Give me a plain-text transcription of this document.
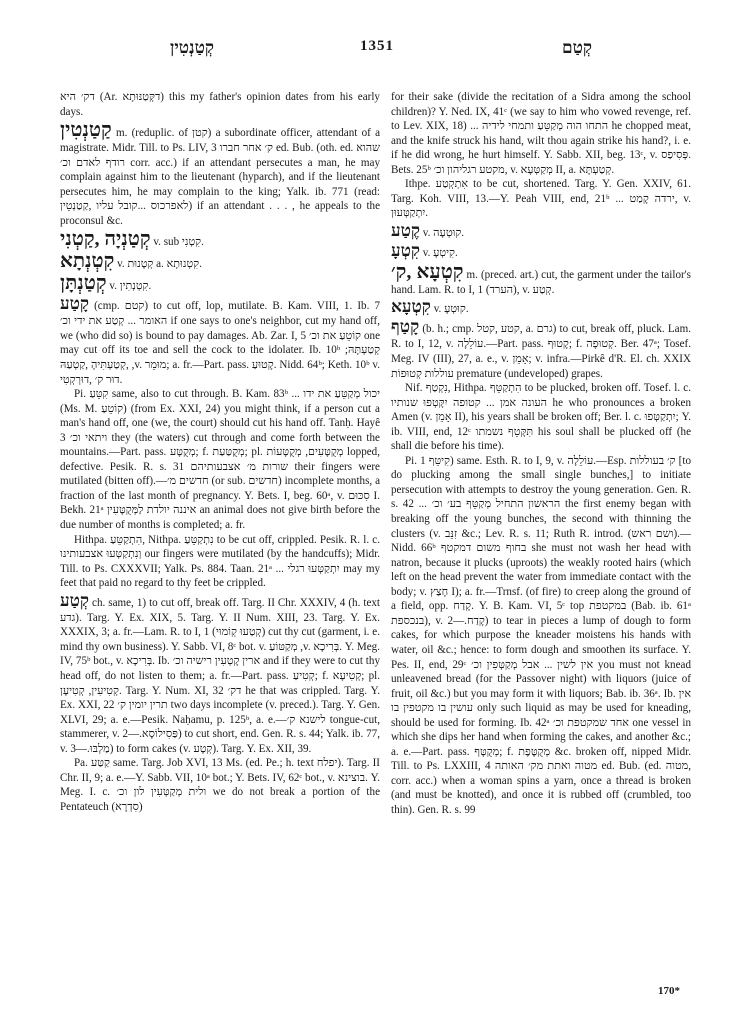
קְטַנְטִין	1351	קְטַם

דק׳ היא (Ar. דקְּטַנּוּתָא) this my father's opinion dates from his early days.

קַטַנְטִין m. (reduplic. of קטן) a subordinate officer, attendant of a magistrate. Midr. Till. to Ps. LIV, 3 ק׳ אחר חברו ed. Bub. (oth. ed. שהוא רודף לאדם וכ׳ corr. acc.) if an attendant persecutes a man, he may complain against him to the lieutenant (hyparch), and if the lieutenant persecutes him, he may complain to the king; Yalk. ib. 771 (read: לאפרכוס ...קובל עליו ,קַטַנְטֵין) if an attendant . . . , he appeals to the proconsul &c.

קְטַנְיָה ,קַטְנִי v. sub קִטְנִי.

קִטְנְתָא v. קְטָנוּת a. קִטְנוּתָא.

קְטַנְתָּן v. קִטְנְתִין.

קָטַע (cmp. קטם) to cut off, lop, mutilate. B. Kam. VIII, 1. Ib. 7 האומר ... קְטַע את ידי וכ׳ if one says to one's neighbor, cut my hand off, we (who did so) is bound to pay damages. Ab. Zar. I, 5 קוֹטֵעַ את וכ׳ one may cut off its toe and sell the cock to the idolater. Ib. 10ᵇ ;קְטַעְתָּהּ ,קְטַעְתִּיהָ ,קַטְעַהּ ,v. מוּמֵר; a. fr.—Part. pass. קָטוּעַ. Nidd. 64ᵇ; Keth. 10ᵇ v. דוּר ק׳ ,דוּרְקְטִי.

Pi. קִטֵּעַ same, also to cut through. B. Kam. 83ᵇ ... יכול מְקַטֵּעַ את ידו (Ms. M. קוֹטֵעַ) (from Ex. XXI, 24) you might think, if a person cut a man's hand off, one (we, the court) should cut his hand off. Tanḥ. Hayê 3 ויתאי וכ׳ they (the waters) cut through and come forth between the mountains.—Part. pass. מְקֻטָּע; f. מְקֻטַּעַת; pl. מְקֻטָּעִים, מְקֻטָּעוֹת lopped, defective. Pesik. R. s. 31 שורות מ׳ אצבעותיהם their fingers were mutilated (bitten off).—חדשים מ׳ (or sub. חדשים) incomplete months, a fraction of the last month of pregnancy. Y. Bets. I, beg. 60ᵃ, v. סִכּוּם I. Bekh. 21ᵃ איננה יולדת לַמְּקֻטָּעִין an animal does not give birth before the due number of months is completed; a. fr.

Hithpa. הִתְקַטֵּעַ, Nithpa. נִתְקַטֵּעַ to be cut off, crippled. Pesik. R. l. c. וְנִתְקַטְּעוּ אצבעותינו our fingers were mutilated (by the handcuffs); Midr. Till. to Ps. CXXXVII; Yalk. Ps. 884. Taan. 21ᵃ ... יִתְקַטְּעוּ רגלי may my feet that paid no regard to thy feet be crippled.

קְטַע ch. same, 1) to cut off, break off. Targ. II Chr. XXXIV, 4 (h. text גדע). Targ. Y. Ex. XIX, 5. Targ. Y. II Num. XIII, 23. Targ. Y. Ex. XXXIX, 3; a. fr.—Lam. R. to I, 1 (קְטַעוּ קְוֹמוּי) cut thy cut (garment, i. e. mind thy own business). Y. Sabb. VI, 8ᶜ bot. v. מְקַטּוֹעַ ,v. בְּרִיכָא. Y. Meg. IV, 75ᵇ bot., v. בְּרִיכָא. Ib. ארין קָטְעִין רישיה וכ׳ and if they were to cut thy head off, do not listen to them; a. fr.—Part. pass. קְטִיעַ; f. קְטִיעָא; pl. קְטִיעִין, קְטִיעָן. Targ. Y. Num. XI, 32 דק׳ he that was crippled. Targ. Y. Ex. XXI, 22 תרין יומין ק׳ two days incomplete (v. preced.). Targ. Y. Gen. XLVI, 29; a. e.—Pesik. Naḥamu, p. 125ᵇ, a. e.—לישנא ק׳ tongue-cut, stammerer, v. פַּסִילוֹסָא.—2) to cut short, end. Gen. R. s. 44; Yalk. ib. 77, v. מַלְבּוּ.—3) to form cakes (v. קְטָע). Targ. Y. Ex. XII, 39.

Pa. קַטַּע same. Targ. Job XVI, 13 Ms. (ed. Pe.; h. text יפלח). Targ. II Chr. II, 9; a. e.—Y. Sabb. VII, 10ᵃ bot.; Y. Bets. IV, 62ᶜ bot., v. בוצינא. Y. Meg. I. c. ולית מְקַטְּעִין לון וכ׳ we do not break a portion of the Pentateuch (סִדְרָא)

for their sake (divide the recitation of a Sidra among the school children)? Y. Ned. IX, 41ᶜ (we say to him who vowed revenge, ref. to Lev. XIX, 18) ... התחו הוה מְקַטֵּעַ ותמחי לידיה he chopped meat, and the knife struck his hand, wilt thou again strike his hand?, i. e. if he did wrong, he hurt himself. Y. Sabb. XII, beg. 13ᶜ, v. פְּסִיפַס. Bets. 25ᵇ מקטע רגליהון וכ׳, v. מְקַטְּעָא II, a. קְטַעְתָּא.

Ithpe. אִתְקְטַע to be cut, shortened. Targ. Y. Gen. XXIV, 61. Targ. Koh. VIII, 13.—Y. Peah VIII, end, 21ᵇ ... ירדה קָמַט, v. יִתְקַטְּעוּן.

קֶטַע v. קוּטְעָה.

קִטְעָ v. קִיטְעָ.

קִטְעָא ,ק׳ m. (preced. art.) cut, the garment under the tailor's hand. Lam. R. to I, 1 (הערד), v. קְטַע.

קִטְעָא v. קוּטְעָ.

קָטַף (b. h.; cmp. קטע ,קטל, a. גרם) to cut, break off, pluck. Lam. R. to I, 12, v. עוֹלֵלָה.—Part. pass. קָטוּף; f. קְטוּפָה. Ber. 47ᵃ; Tosef. Meg. IV (III), 27, a. e., v. אָמֵן; v. infra.—Pirkê d'R. El. ch. XXIX עוללות קְטוּפוֹת premature (undeveloped) grapes.

Nif. נִקְטַף, Hithpa. הִתְקַטֵּף to be plucked, broken off. Tosef. l. c. העונה אמן ... קטופה יִקָּטְפוּ שנותיו he who pronounces a broken Amen (v. אָמֵן II), his years shall be broken off; Ber. l. c. יִתְקַטְּפוּ; Y. ib. VIII, end, 12ᶜ תִּקָּטֵף נשמתו his soul shall be plucked off (he shall die before his time).

Pi. קִיטֵּף 1) same. Esth. R. to I, 9, v. עוֹלֵלָה.—Esp. ק׳ בעוללות [to do plucking among the small single bunches,] to initiate persecution with attempts to destroy the young generation. Gen. R. s. 42 ... הראשון התחיל מְקַטֵּף בע׳ וכ׳ the first enemy began with breaking off the young bunches, the second with thinning the clusters (v. זִנֵּב &c.; Lev. R. s. 11; Ruth R. introd. (ושם ראש).—Nidd. 66ᵇ בחוף משום דמקטף she must not wash her head with natron, because it plucks (uproots) the weakly rooted hairs (which left on the head prevent the water from immediate contact with the body; v. חָצַץ I); a. fr.—Trnsf. (of fire) to creep along the ground of a field, opp. קָדַח. Y. B. Kam. VI, 5ᶜ top במקטפת (Bab. ib. 61ᵃ בנכספת), v. קָדַח.—2) to tear in pieces a lump of dough to form cakes, for which purpose the kneader moistens his hands with water, oil &c.; hence: to form dough and smoothen its surface. Y. Pes. II, end, 29ᶜ אין לשין ... אבל מְקַטְּפִין וכ׳ you must not knead unleavened bread (for the Passover night) with liquors (juice of fruit, oil &c.) but you may form it with liquors; Bab. ib. 36ᵃ. Ib. אין עושין בו מקטפין בו only such liquid as may be used for kneading, should be used for forming. Ib. 42ᵃ אחד שמקטפת וכ׳ one vessel in which she dips her hand when forming the cakes, and another &c.; a. e.—Part. pass. מְקֻטָּף; f. מְקֻטֶּפֶת &c. broken off, nipped Midr. Till. to Ps. LXXIII, 4 מטוה ואתת מק׳ האותה ed. Bub. (ed. מטוה, corr. acc.) when a woman spins a yarn, once a thread is broken (and must be knotted), and once it is rubbed off (crumbled, too thin). Gen. R. s. 99

170*
